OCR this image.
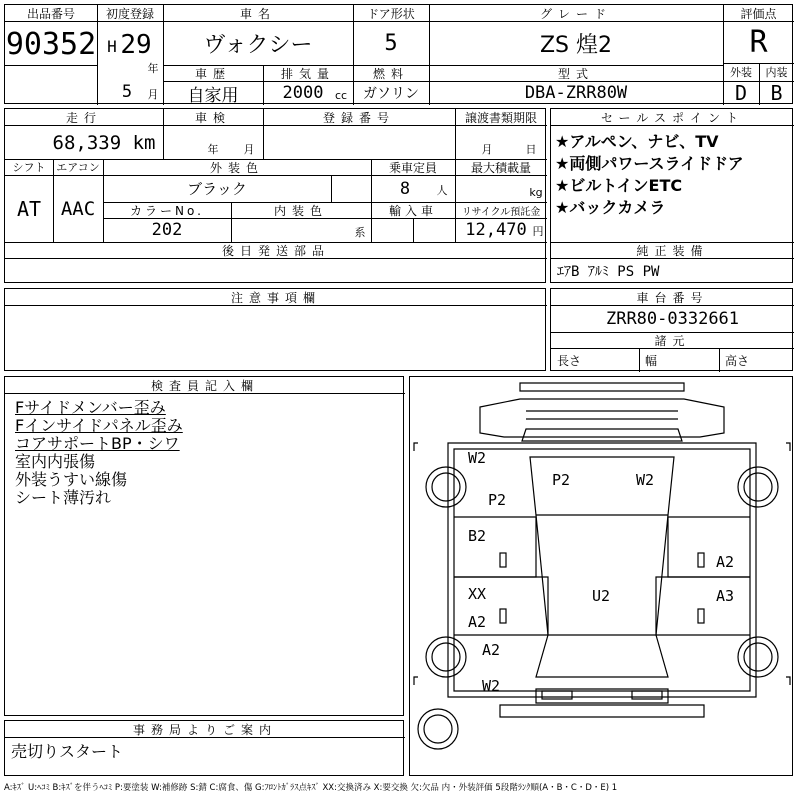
出品番号
90352
初度登録
H 29
年
5	月
車名
ヴォクシー
ドア形状
5
グレード
ZS 煌2
評価点
R
車歴
自家用
排気量
2000	cc
燃料
ガソリン
型式
DBA-ZRR80W
外装
D
内装
B
走行
68,339 km
車検
年 月
登録番号	譲渡書類期限
月	日
シフト
AT
エアコン
AAC
外装色
ブラック
乗車定員
8	人
最大積載量
kg
カラーNo.
202
内装色
系
輸入車	リサイクル預託金
12,470 円
後日発送部品
セールスポイント
★アルペン、ナビ、TV
★両側パワースライドドア
★ビルトインETC
★バックカメラ
純正装備
ｴｱB ｱﾙﾐ PS PW
注意事項欄	車台番号
ZRR80-0332661
諸元
長さ	幅	高さ
検査員記入欄
Fサイドメンバー歪み
Fインサイドパネル歪み
コアサポートBP・シワ
室内内張傷
外装うすい線傷
シート薄汚れ
事務局よりご案内
売切りスタート
W2
P2	W2
P2
B2
A2
XX	A3
U2
A2
A2
W2
A:ｷｽﾞ U:ﾍｺﾐ B:ｷｽﾞを伴うﾍｺﾐ P:要塗装 W:補修跡 S:錆 C:腐食、傷 G:ﾌﾛﾝﾄｶﾞﾗｽ点ｷｽﾞ XX:交換済み X:要交換 欠:欠品 内・外装評価 5段階ﾗﾝｸ順(A・B・C・D・E) 1
